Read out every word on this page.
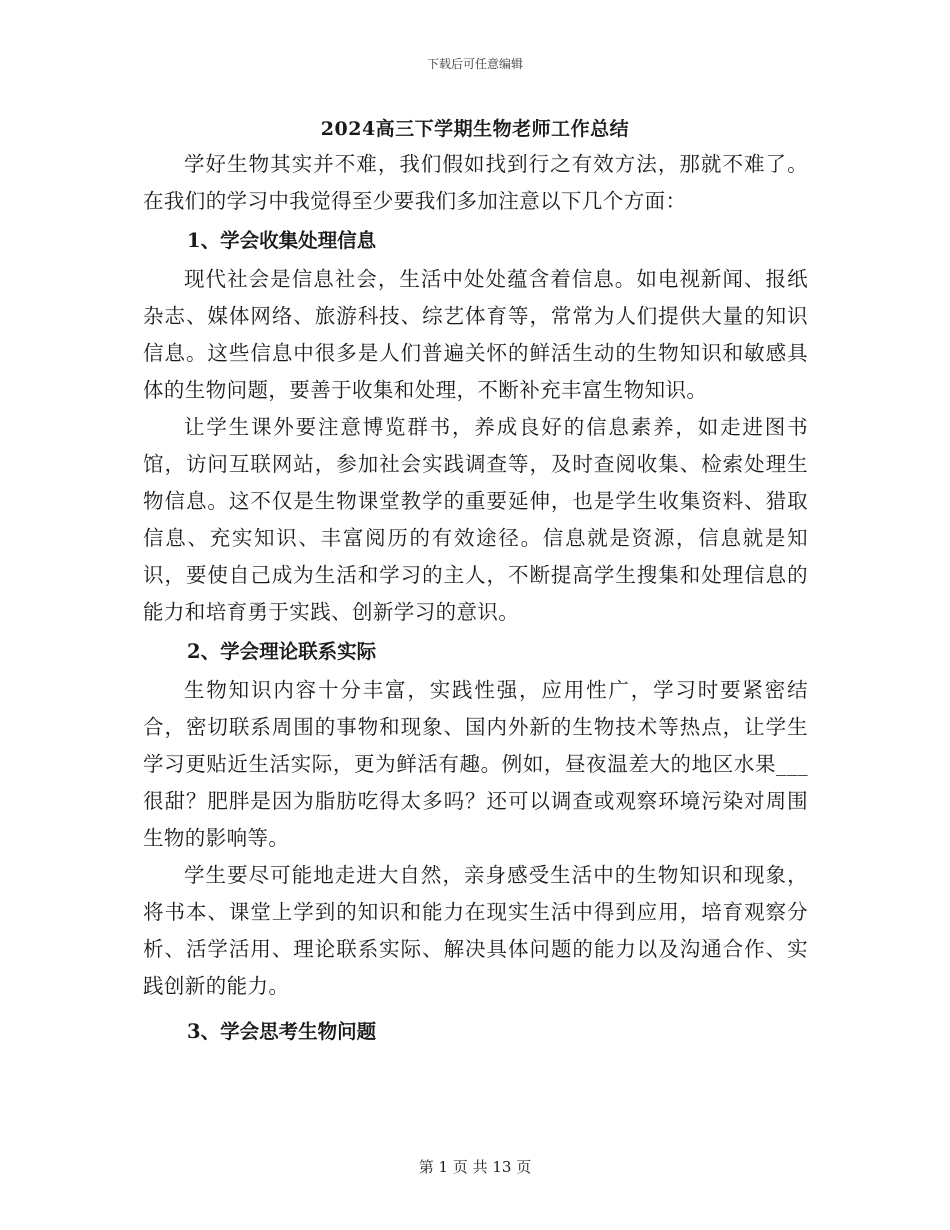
下载后可任意编辑
2024高三下学期生物老师工作总结

学好生物其实并不难，我们假如找到行之有效方法，那就不难了。在我们的学习中我觉得至少要我们多加注意以下几个方面：

1、学会收集处理信息

现代社会是信息社会，生活中处处蕴含着信息。如电视新闻、报纸杂志、媒体网络、旅游科技、综艺体育等，常常为人们提供大量的知识信息。这些信息中很多是人们普遍关怀的鲜活生动的生物知识和敏感具体的生物问题，要善于收集和处理，不断补充丰富生物知识。

让学生课外要注意博览群书，养成良好的信息素养，如走进图书馆，访问互联网站，参加社会实践调查等，及时查阅收集、检索处理生物信息。这不仅是生物课堂教学的重要延伸，也是学生收集资料、猎取信息、充实知识、丰富阅历的有效途径。信息就是资源，信息就是知识，要使自己成为生活和学习的主人，不断提高学生搜集和处理信息的能力和培育勇于实践、创新学习的意识。

2、学会理论联系实际

生物知识内容十分丰富，实践性强，应用性广，学习时要紧密结合，密切联系周围的事物和现象、国内外新的生物技术等热点，让学生学习更贴近生活实际，更为鲜活有趣。例如，昼夜温差大的地区水果___很甜？肥胖是因为脂肪吃得太多吗？还可以调查或观察环境污染对周围生物的影响等。

学生要尽可能地走进大自然，亲身感受生活中的生物知识和现象，将书本、课堂上学到的知识和能力在现实生活中得到应用，培育观察分析、活学活用、理论联系实际、解决具体问题的能力以及沟通合作、实践创新的能力。

3、学会思考生物问题
第 1 页 共 13 页
